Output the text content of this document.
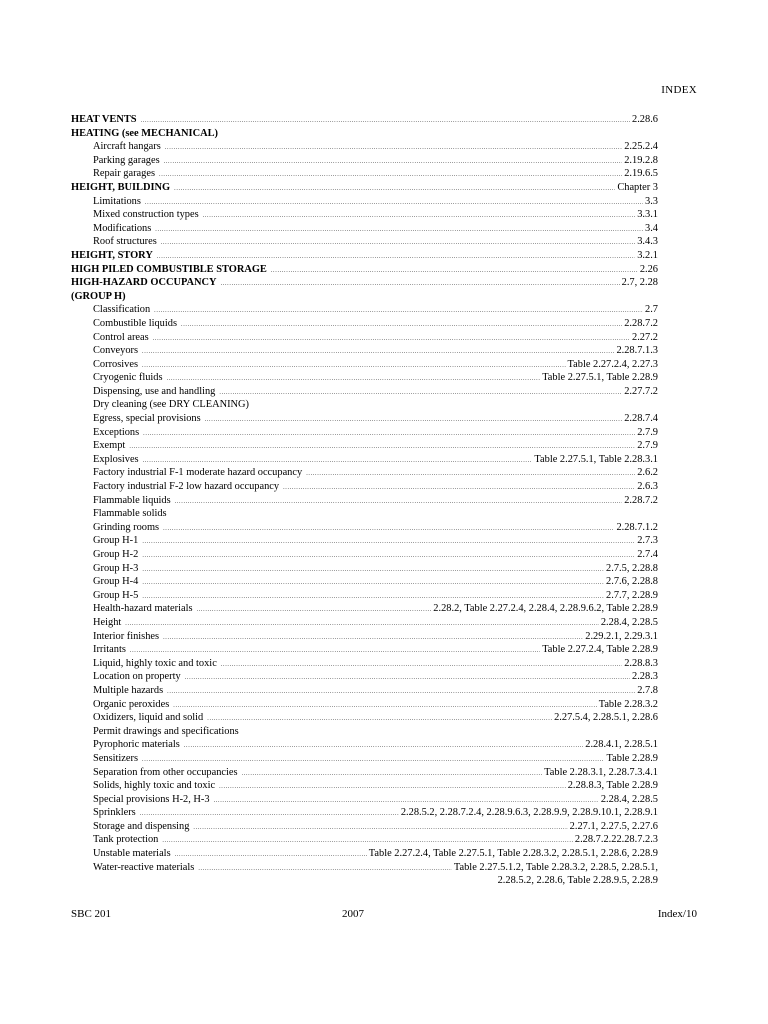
INDEX
HEAT VENTS . . .	2.28.6
HEATING (see MECHANICAL)
Aircraft hangars . . .	2.25.2.4
Parking garages . . .	2.19.2.8
Repair garages . . .	2.19.6.5
HEIGHT, BUILDING . . .	Chapter 3
Limitations . . .	3.3
Mixed construction types . . .	3.3.1
Modifications . . .	3.4
Roof structures . . .	3.4.3
HEIGHT, STORY . . .	3.2.1
HIGH PILED COMBUSTIBLE STORAGE . . .	2.26
HIGH-HAZARD OCCUPANCY . . .	2.7, 2.28
(GROUP H)
Classification . . .	2.7
Combustible liquids . . .	2.28.7.2
Control areas . . .	2.27.2
Conveyors . . .	2.28.7.1.3
Corrosives . . .	Table 2.27.2.4, 2.27.3
Cryogenic fluids . . .	Table 2.27.5.1, Table 2.28.9
Dispensing, use and handling . . .	2.27.7.2
Dry cleaning (see DRY CLEANING)
Egress, special provisions . . .	2.28.7.4
Exceptions . . .	2.7.9
Exempt . . .	2.7.9
Explosives . . .	Table 2.27.5.1, Table 2.28.3.1
Factory industrial F-1 moderate hazard occupancy . . .	2.6.2
Factory industrial F-2 low hazard occupancy . . .	2.6.3
Flammable liquids . . .	2.28.7.2
Flammable solids
Grinding rooms . . .	2.28.7.1.2
Group H-1 . . .	2.7.3
Group H-2 . . .	2.7.4
Group H-3 . . .	2.7.5, 2.28.8
Group H-4 . . .	2.7.6, 2.28.8
Group H-5 . . .	2.7.7, 2.28.9
Health-hazard materials . . .	2.28.2, Table 2.27.2.4, 2.28.4, 2.28.9.6.2, Table 2.28.9
Height . . .	2.28.4, 2.28.5
Interior finishes . . .	2.29.2.1, 2.29.3.1
Irritants . . .	Table 2.27.2.4, Table 2.28.9
Liquid, highly toxic and toxic . . .	2.28.8.3
Location on property . . .	2.28.3
Multiple hazards . . .	2.7.8
Organic peroxides . . .	Table 2.28.3.2
Oxidizers, liquid and solid . . .	2.27.5.4, 2.28.5.1, 2.28.6
Permit drawings and specifications
Pyrophoric materials . . .	2.28.4.1, 2.28.5.1
Sensitizers . . .	Table 2.28.9
Separation from other occupancies . . .	Table 2.28.3.1, 2.28.7.3.4.1
Solids, highly toxic and toxic . . .	2.28.8.3, Table 2.28.9
Special provisions H-2, H-3 . . .	2.28.4, 2.28.5
Sprinklers . . .	2.28.5.2, 2.28.7.2.4, 2.28.9.6.3, 2.28.9.9, 2.28.9.10.1, 2.28.9.1
Storage and dispensing . . .	2.27.1, 2.27.5, 2.27.6
Tank protection . . .	2.28.7.2.22.28.7.2.3
Unstable materials . . .	Table 2.27.2.4, Table 2.27.5.1, Table 2.28.3.2, 2.28.5.1, 2.28.6, 2.28.9
Water-reactive materials . . .	Table 2.27.5.1.2, Table 2.28.3.2, 2.28.5, 2.28.5.1,
2.28.5.2, 2.28.6, Table 2.28.9.5, 2.28.9
SBC 201	2007	Index/10
